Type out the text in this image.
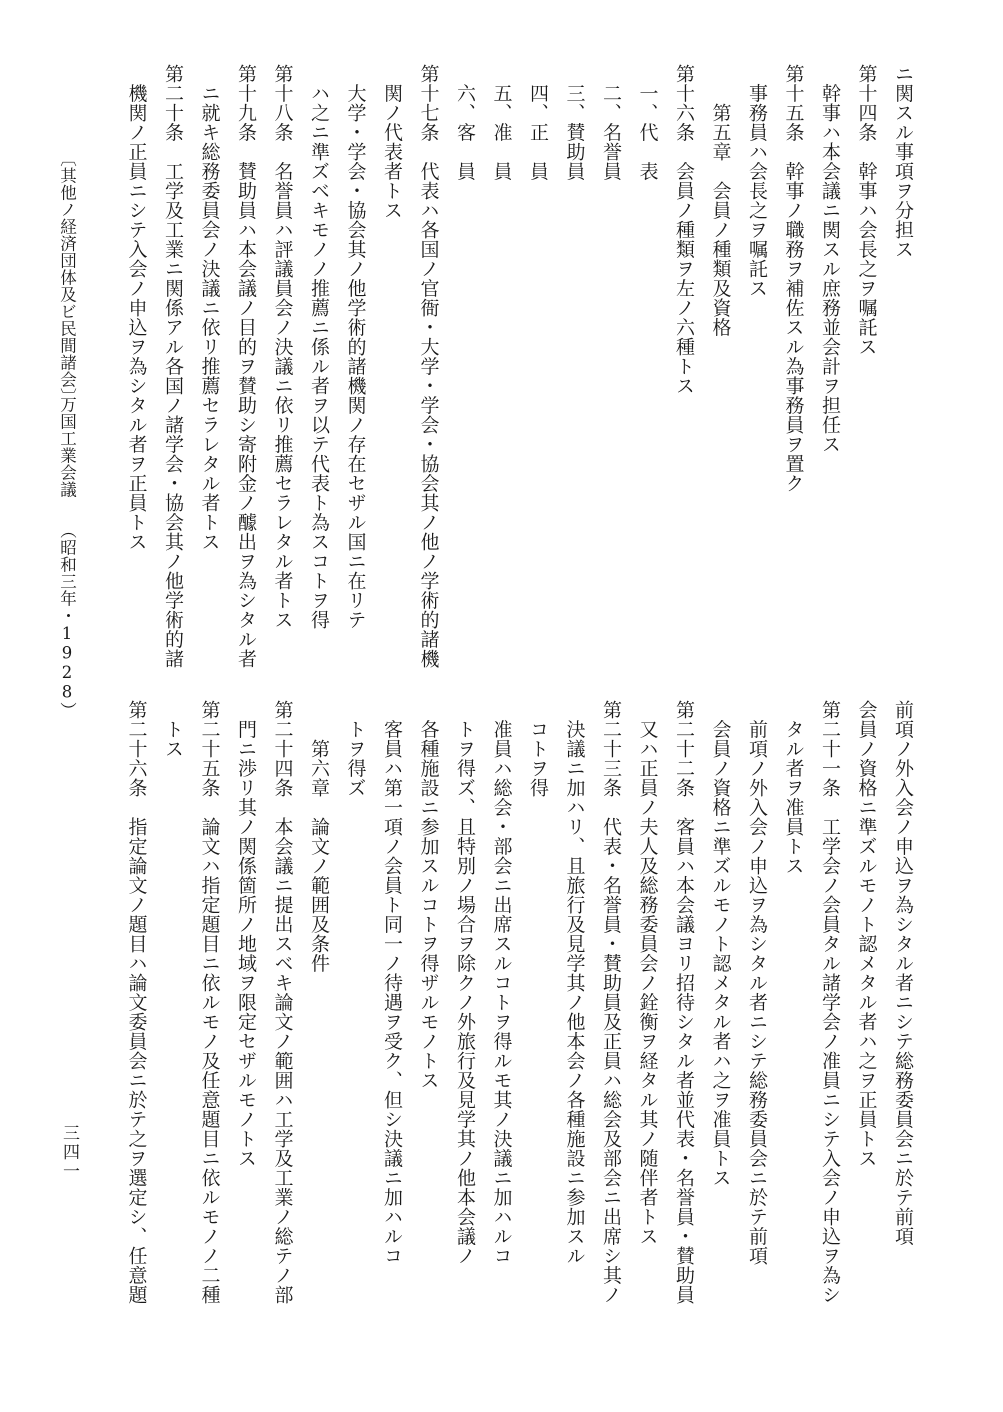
ニ関スル事項ヲ分担ス
第十四条　幹事ハ会長之ヲ嘱託ス
　幹事ハ本会議ニ関スル庶務並会計ヲ担任ス
第十五条　幹事ノ職務ヲ補佐スル為事務員ヲ置ク
　事務員ハ会長之ヲ嘱託ス
　　第五章　会員ノ種類及資格
第十六条　会員ノ種類ヲ左ノ六種トス
　一、代　表
　二、名誉員
　三、賛助員
　四、正　員
　五、准　員
　六、客　員
第十七条　代表ハ各国ノ官衙・大学・学会・協会其ノ他ノ学術的諸機
　関ノ代表者トス
　大学・学会・協会其ノ他学術的諸機関ノ存在セザル国ニ在リテ
　ハ之ニ準ズベキモノノ推薦ニ係ル者ヲ以テ代表ト為スコトヲ得
第十八条　名誉員ハ評議員会ノ決議ニ依リ推薦セラレタル者トス
第十九条　賛助員ハ本会議ノ目的ヲ賛助シ寄附金ノ醵出ヲ為シタル者
　ニ就キ総務委員会ノ決議ニ依リ推薦セラレタル者トス
第二十条　工学及工業ニ関係アル各国ノ諸学会・協会其ノ他学術的諸
　機関ノ正員ニシテ入会ノ申込ヲ為シタル者ヲ正員トス
前項ノ外入会ノ申込ヲ為シタル者ニシテ総務委員会ニ於テ前項
会員ノ資格ニ準ズルモノト認メタル者ハ之ヲ正員トス
第二十一条　工学会ノ会員タル諸学会ノ准員ニシテ入会ノ申込ヲ為シ
　タル者ヲ准員トス
　前項ノ外入会ノ申込ヲ為シタル者ニシテ総務委員会ニ於テ前項
　会員ノ資格ニ準ズルモノト認メタル者ハ之ヲ准員トス
第二十二条　客員ハ本会議ヨリ招待シタル者並代表・名誉員・賛助員
　又ハ正員ノ夫人及総務委員会ノ銓衡ヲ経タル其ノ随伴者トス
第二十三条　代表・名誉員・賛助員及正員ハ総会及部会ニ出席シ其ノ
　決議ニ加ハリ、且旅行及見学其ノ他本会ノ各種施設ニ参加スル
　コトヲ得
　准員ハ総会・部会ニ出席スルコトヲ得ルモ其ノ決議ニ加ハルコ
　トヲ得ズ、且特別ノ場合ヲ除クノ外旅行及見学其ノ他本会議ノ
　各種施設ニ参加スルコトヲ得ザルモノトス
　客員ハ第一項ノ会員ト同一ノ待遇ヲ受ク、但シ決議ニ加ハルコ
　トヲ得ズ
　　第六章　論文ノ範囲及条件
第二十四条　本会議ニ提出スベキ論文ノ範囲ハ工学及工業ノ総テノ部
　門ニ渉リ其ノ関係箇所ノ地域ヲ限定セザルモノトス
第二十五条　論文ハ指定題目ニ依ルモノ及任意題目ニ依ルモノノ二種
　トス
第二十六条　指定論文ノ題目ハ論文委員会ニ於テ之ヲ選定シ、任意題
〔其他ノ経済団体及ビ民間諸会〕
万国工業会議
（昭和三年・1928）
三四一
